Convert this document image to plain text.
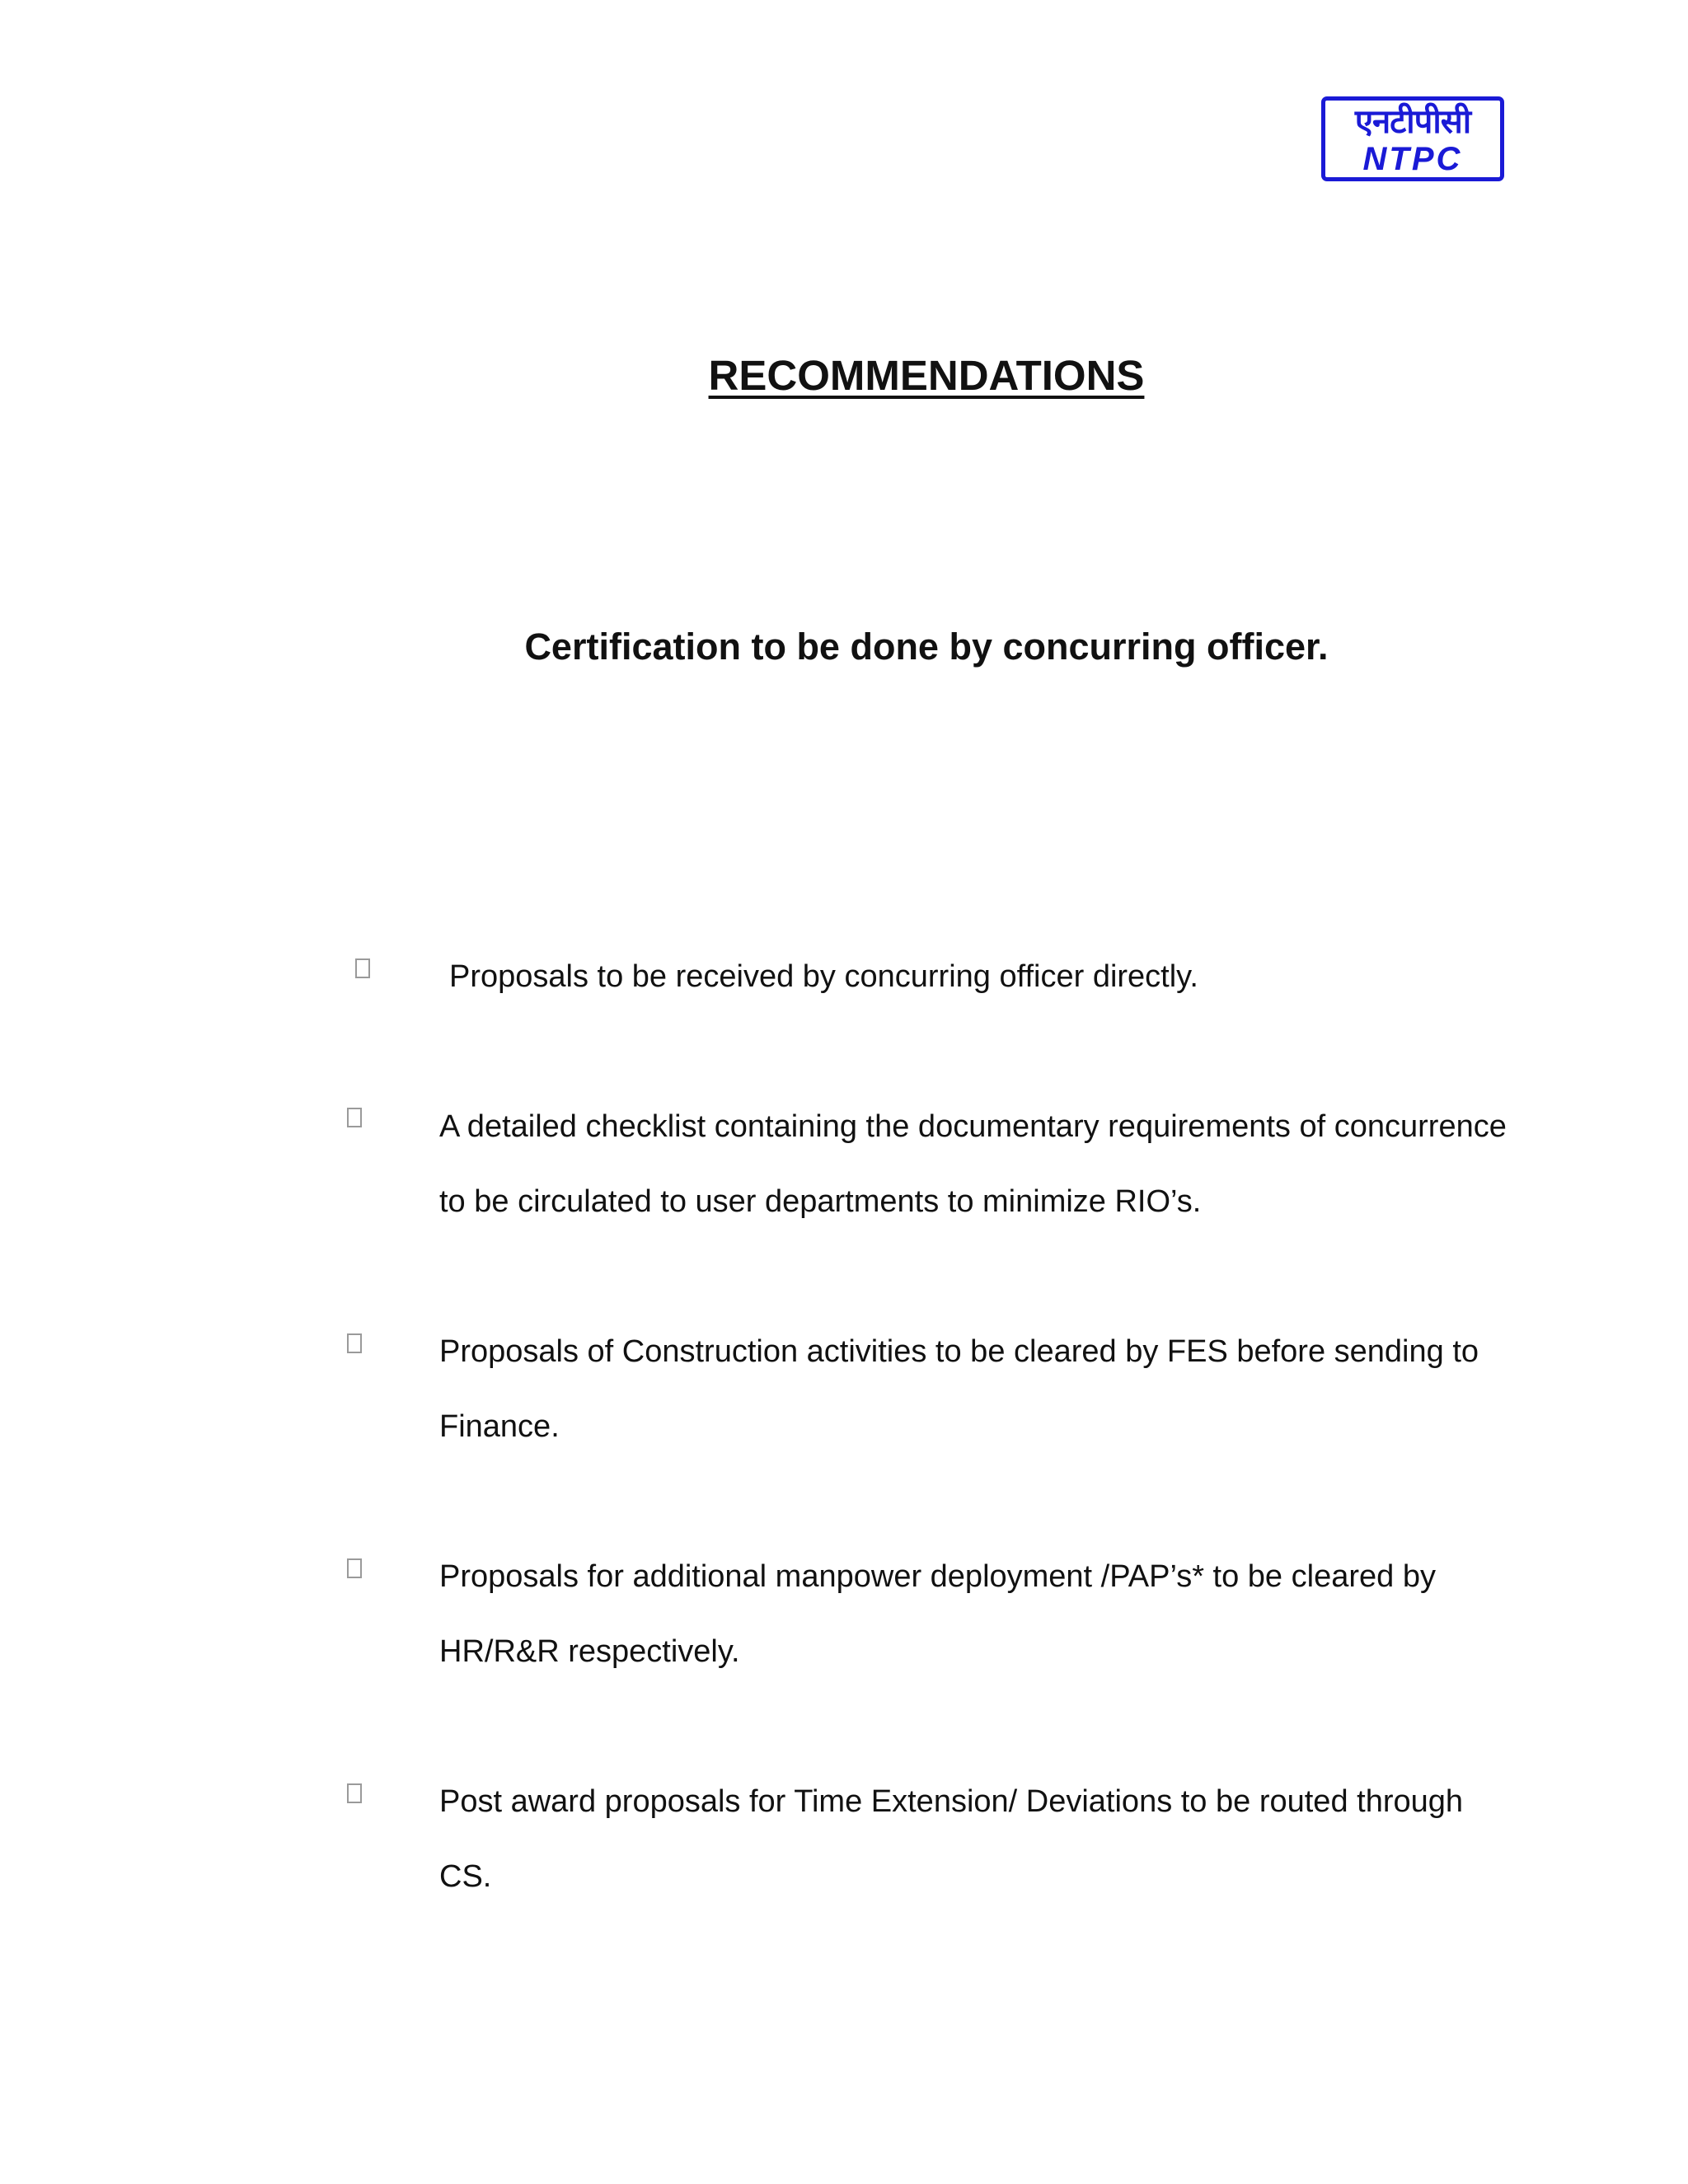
एनटीपीसी
NTPC
RECOMMENDATIONS
Certification to be done by concurring officer.
Proposals to be received by concurring officer directly.
A detailed checklist containing the documentary requirements of concurrence to be circulated to user departments to minimize RIO’s.
Proposals of Construction activities to be cleared by FES before sending to Finance.
Proposals for additional manpower deployment /PAP’s* to be cleared by HR/R&R respectively.
Post award proposals for Time Extension/ Deviations to be routed through CS.
